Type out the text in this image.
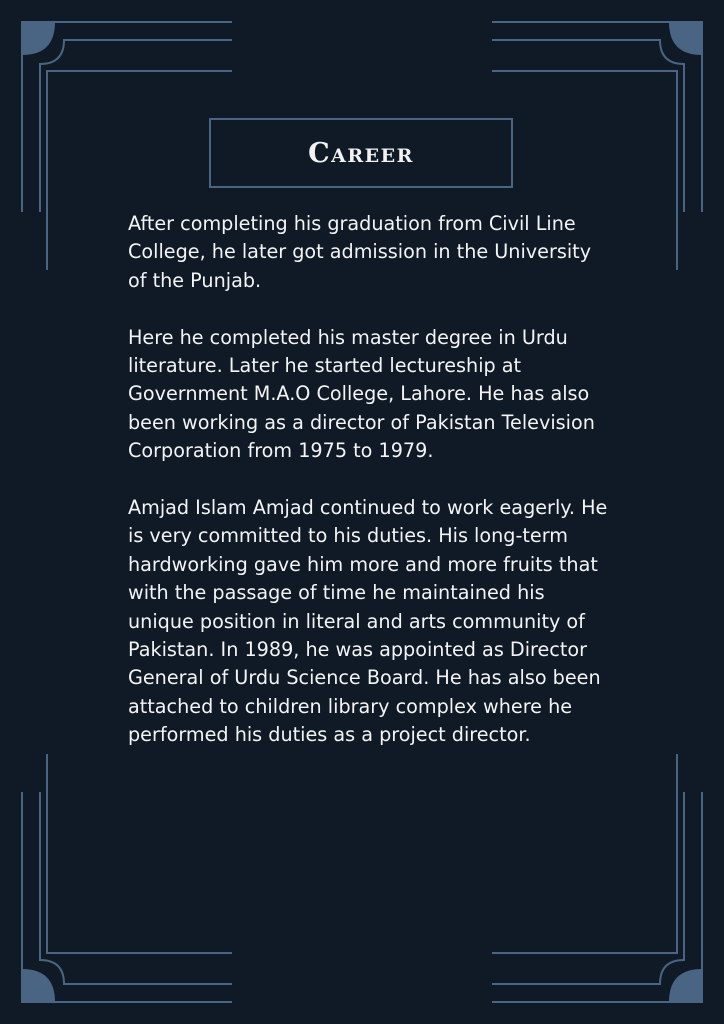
Career

After completing his graduation from Civil Line College, he later got admission in the University of the Punjab.

Here he completed his master degree in Urdu literature. Later he started lectureship at Government M.A.O College, Lahore. He has also been working as a director of Pakistan Television Corporation from 1975 to 1979.

Amjad Islam Amjad continued to work eagerly. He is very committed to his duties. His long-term hardworking gave him more and more fruits that with the passage of time he maintained his unique position in literal and arts community of Pakistan. In 1989, he was appointed as Director General of Urdu Science Board. He has also been attached to children library complex where he performed his duties as a project director.
